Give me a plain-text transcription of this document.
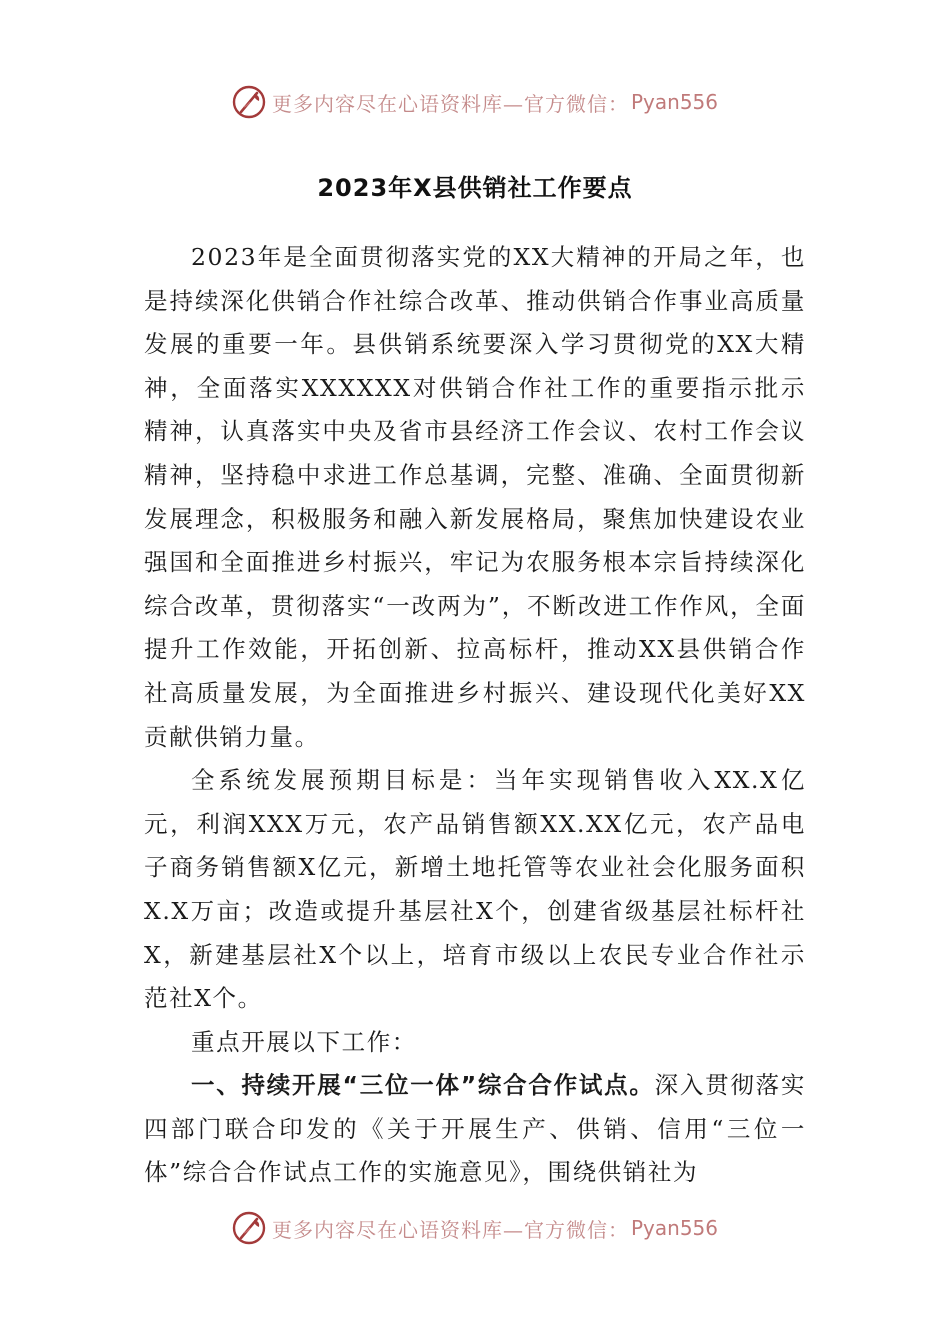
更多内容尽在心语资料库—官方微信： Pyan556
2023年X县供销社工作要点

2023年是全面贯彻落实党的XX大精神的开局之年，也是持续深化供销合作社综合改革、推动供销合作事业高质量发展的重要一年。县供销系统要深入学习贯彻党的XX大精神，全面落实XXXXXX对供销合作社工作的重要指示批示精神，认真落实中央及省市县经济工作会议、农村工作会议精神，坚持稳中求进工作总基调，完整、准确、全面贯彻新发展理念，积极服务和融入新发展格局，聚焦加快建设农业强国和全面推进乡村振兴，牢记为农服务根本宗旨持续深化综合改革，贯彻落实“一改两为”，不断改进工作作风，全面提升工作效能，开拓创新、拉高标杆，推动XX县供销合作社高质量发展，为全面推进乡村振兴、建设现代化美好XX贡献供销力量。

全系统发展预期目标是：当年实现销售收入XX.X亿元，利润XXX万元，农产品销售额XX.XX亿元，农产品电子商务销售额X亿元，新增土地托管等农业社会化服务面积X.X万亩；改造或提升基层社X个，创建省级基层社标杆社X，新建基层社X个以上，培育市级以上农民专业合作社示范社X个。

重点开展以下工作：

一、持续开展“三位一体”综合合作试点。深入贯彻落实四部门联合印发的《关于开展生产、供销、信用“三位一体”综合合作试点工作的实施意见》，围绕供销社为

更多内容尽在心语资料库—官方微信： Pyan556
